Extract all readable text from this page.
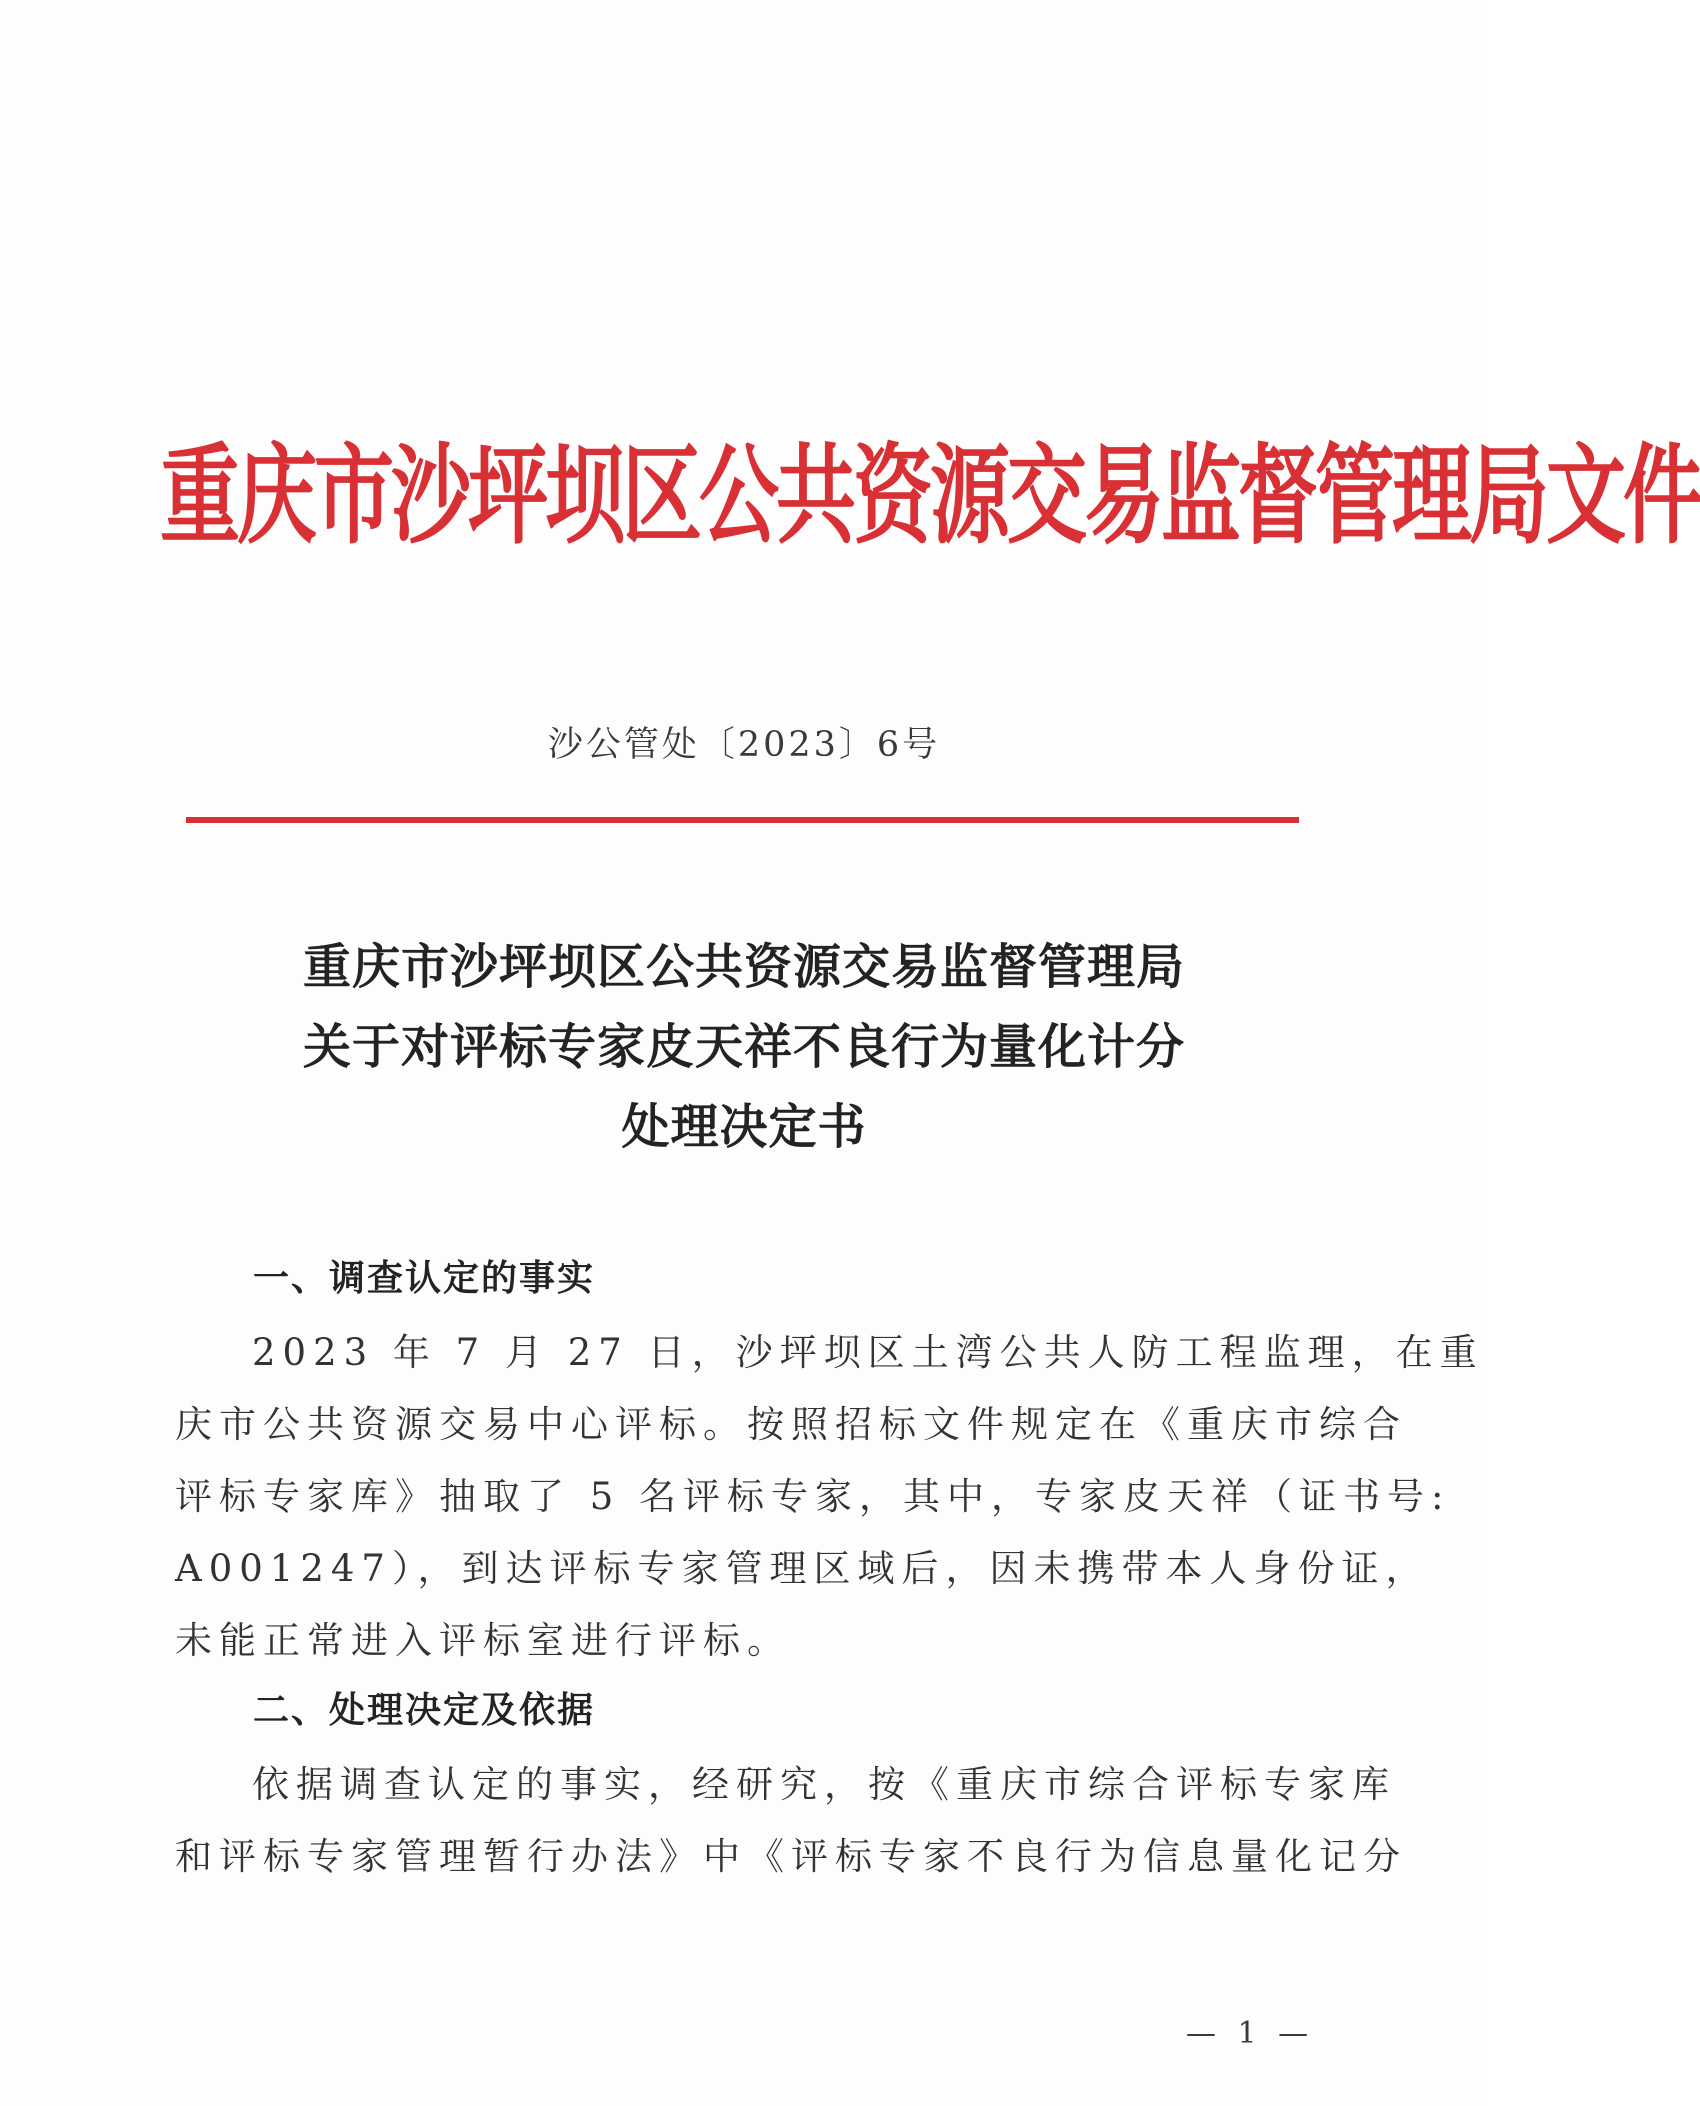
重庆市沙坪坝区公共资源交易监督管理局文件
沙公管处〔2023〕6号
重庆市沙坪坝区公共资源交易监督管理局
关于对评标专家皮天祥不良行为量化计分
处理决定书
一、调查认定的事实
2023 年 7 月 27 日，沙坪坝区土湾公共人防工程监理，在重
庆市公共资源交易中心评标。按照招标文件规定在《重庆市综合
评标专家库》抽取了 5 名评标专家，其中，专家皮天祥（证书号:
A001247），到达评标专家管理区域后，因未携带本人身份证，
未能正常进入评标室进行评标。
二、处理决定及依据
依据调查认定的事实，经研究，按《重庆市综合评标专家库
和评标专家管理暂行办法》中《评标专家不良行为信息量化记分
— 1 —
